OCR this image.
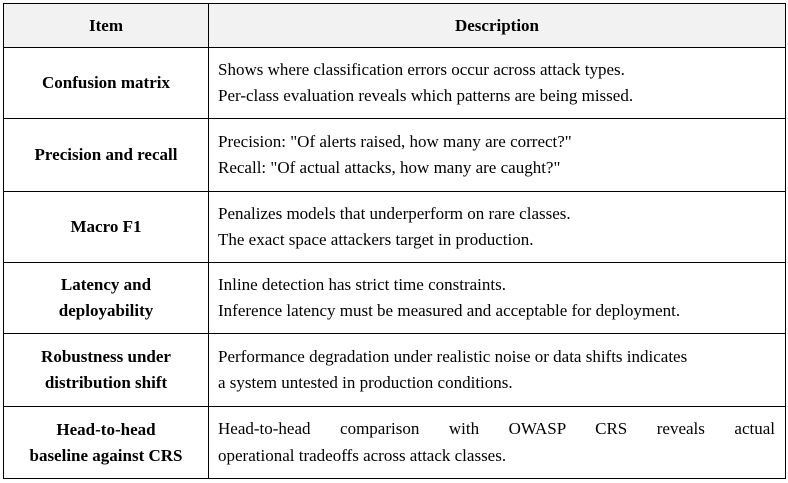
Item	Description

Confusion matrix	Shows where classification errors occur across attack types.
Per-class evaluation reveals which patterns are being missed.

Precision and recall	Precision: "Of alerts raised, how many are correct?"
Recall: "Of actual attacks, how many are caught?"

Macro F1	Penalizes models that underperform on rare classes.
The exact space attackers target in production.

Latency and
deployability	Inline detection has strict time constraints.
Inference latency must be measured and acceptable for deployment.

Robustness under
distribution shift	Performance degradation under realistic noise or data shifts indicates
a system untested in production conditions.

Head-to-head
baseline against CRS	Head-to-head comparison with OWASP CRS reveals actual
operational tradeoffs across attack classes.
